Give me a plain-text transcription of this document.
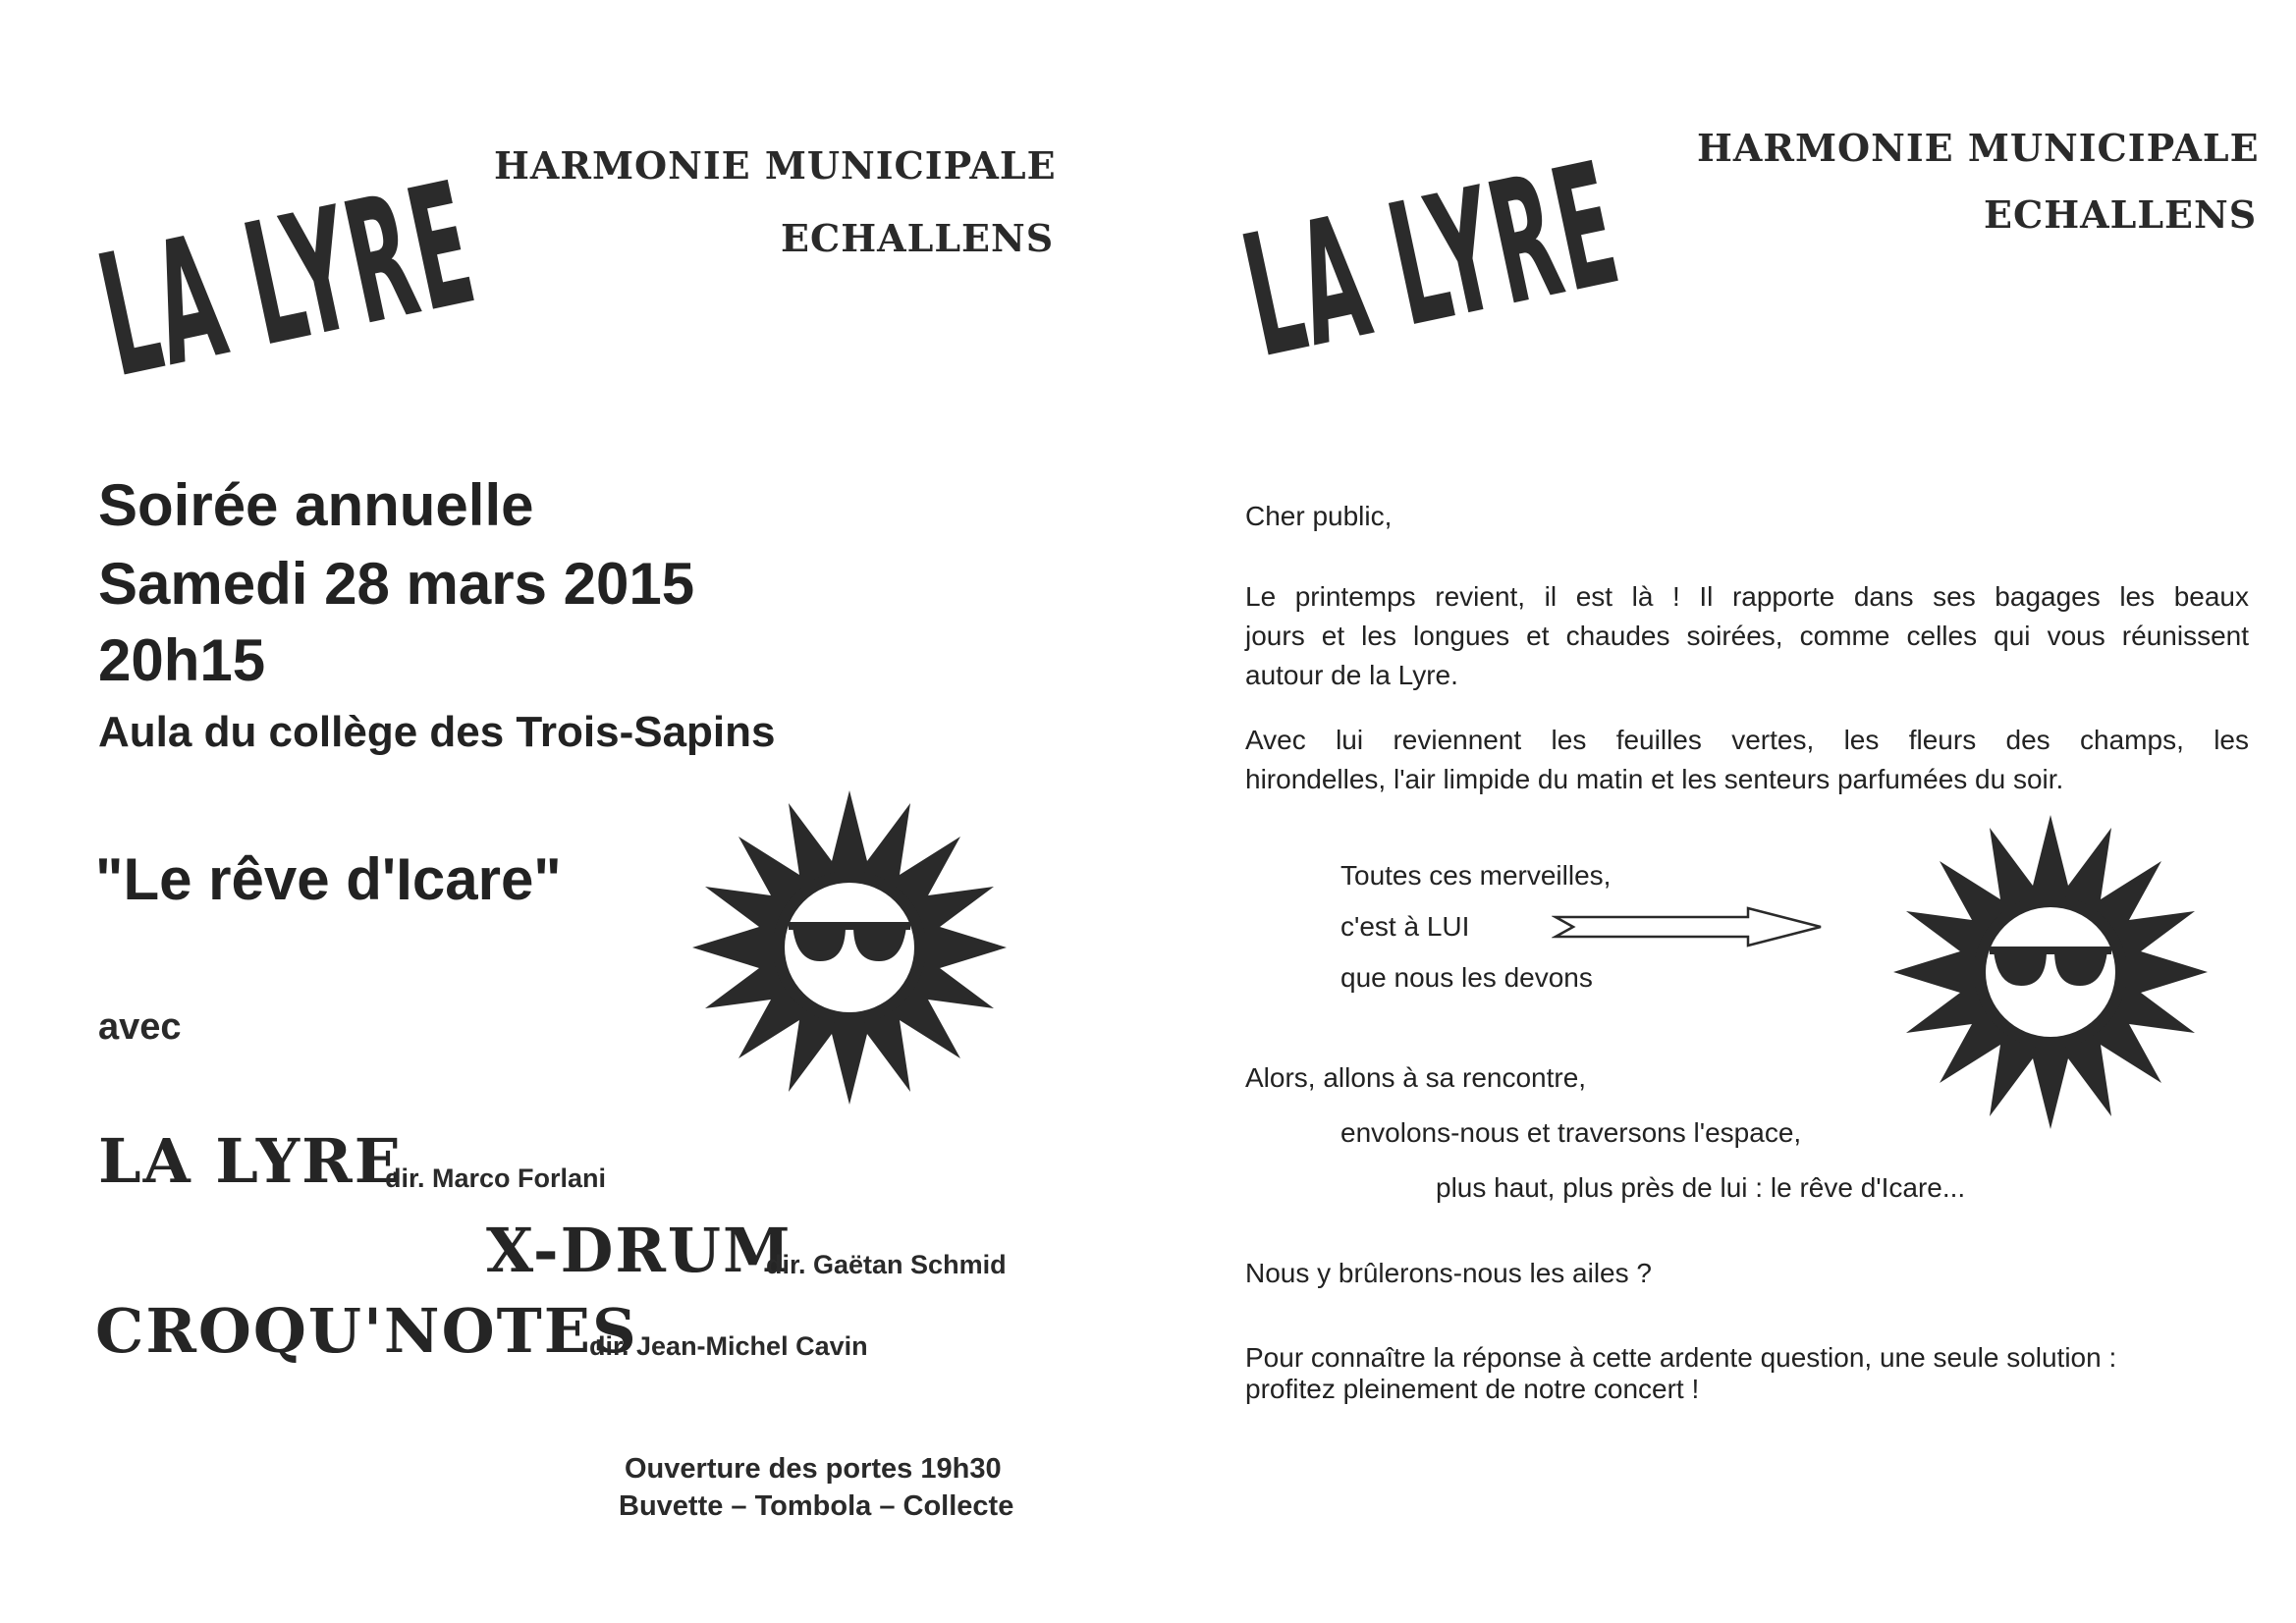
LA LYRE HARMONIE MUNICIPALE
ECHALLENS
Soirée annuelle
Samedi 28 mars 2015
20h15
Aula du collège des Trois-Sapins
"Le rêve d'Icare"
avec
LA LYRE
dir. Marco Forlani
X-DRUM
dir. Gaëtan Schmid
CROQU'NOTES
dir. Jean-Michel Cavin
Ouverture des portes 19h30
Buvette – Tombola – Collecte
LA LYRE HARMONIE MUNICIPALE
ECHALLENS
Cher public,
Le printemps revient, il est là ! Il rapporte dans ses bagages les beaux
jours et les longues et chaudes soirées, comme celles qui vous réunissent
autour de la Lyre.
Avec lui reviennent les feuilles vertes, les fleurs des champs, les
hirondelles, l'air limpide du matin et les senteurs parfumées du soir.
Toutes ces merveilles,
c'est à LUI
que nous les devons
Alors, allons à sa rencontre,
envolons-nous et traversons l'espace,
plus haut, plus près de lui : le rêve d'Icare...
Nous y brûlerons-nous les ailes ?
Pour connaître la réponse à cette ardente question, une seule solution :
profitez pleinement de notre concert !
